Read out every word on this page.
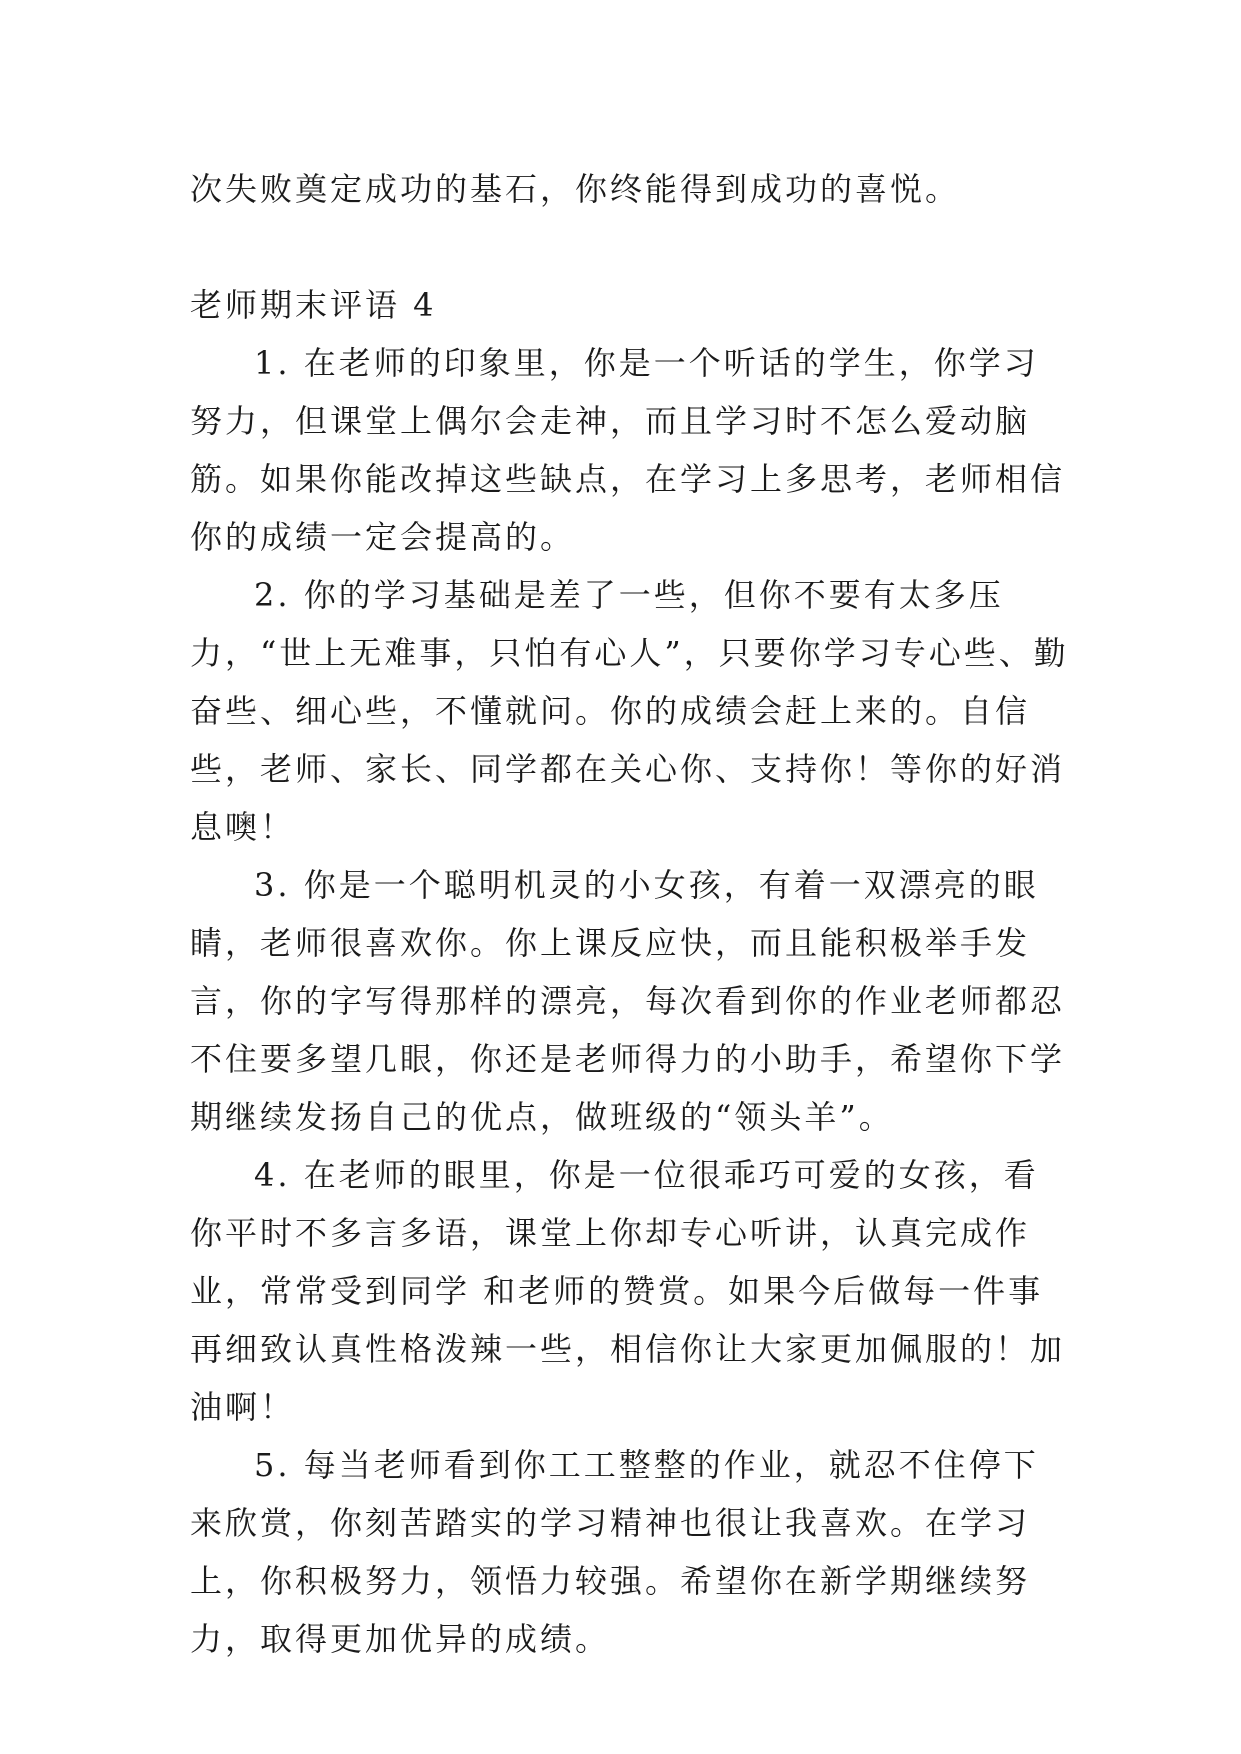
次失败奠定成功的基石，你终能得到成功的喜悦。

老师期末评语 4

1. 在老师的印象里，你是一个听话的学生，你学习努力，但课堂上偶尔会走神，而且学习时不怎么爱动脑筋。如果你能改掉这些缺点，在学习上多思考，老师相信你的成绩一定会提高的。

2. 你的学习基础是差了一些，但你不要有太多压力，“世上无难事，只怕有心人”，只要你学习专心些、勤奋些、细心些，不懂就问。你的成绩会赶上来的。自信些，老师、家长、同学都在关心你、支持你！等你的好消息噢！

3. 你是一个聪明机灵的小女孩，有着一双漂亮的眼睛，老师很喜欢你。你上课反应快，而且能积极举手发言，你的字写得那样的漂亮，每次看到你的作业老师都忍不住要多望几眼，你还是老师得力的小助手，希望你下学期继续发扬自己的优点，做班级的“领头羊”。

4. 在老师的眼里，你是一位很乖巧可爱的女孩，看你平时不多言多语，课堂上你却专心听讲，认真完成作业，常常受到同学 和老师的赞赏。如果今后做每一件事再细致认真性格泼辣一些，相信你让大家更加佩服的！加油啊！

5. 每当老师看到你工工整整的作业，就忍不住停下来欣赏，你刻苦踏实的学习精神也很让我喜欢。在学习上，你积极努力，领悟力较强。希望你在新学期继续努力，取得更加优异的成绩。
